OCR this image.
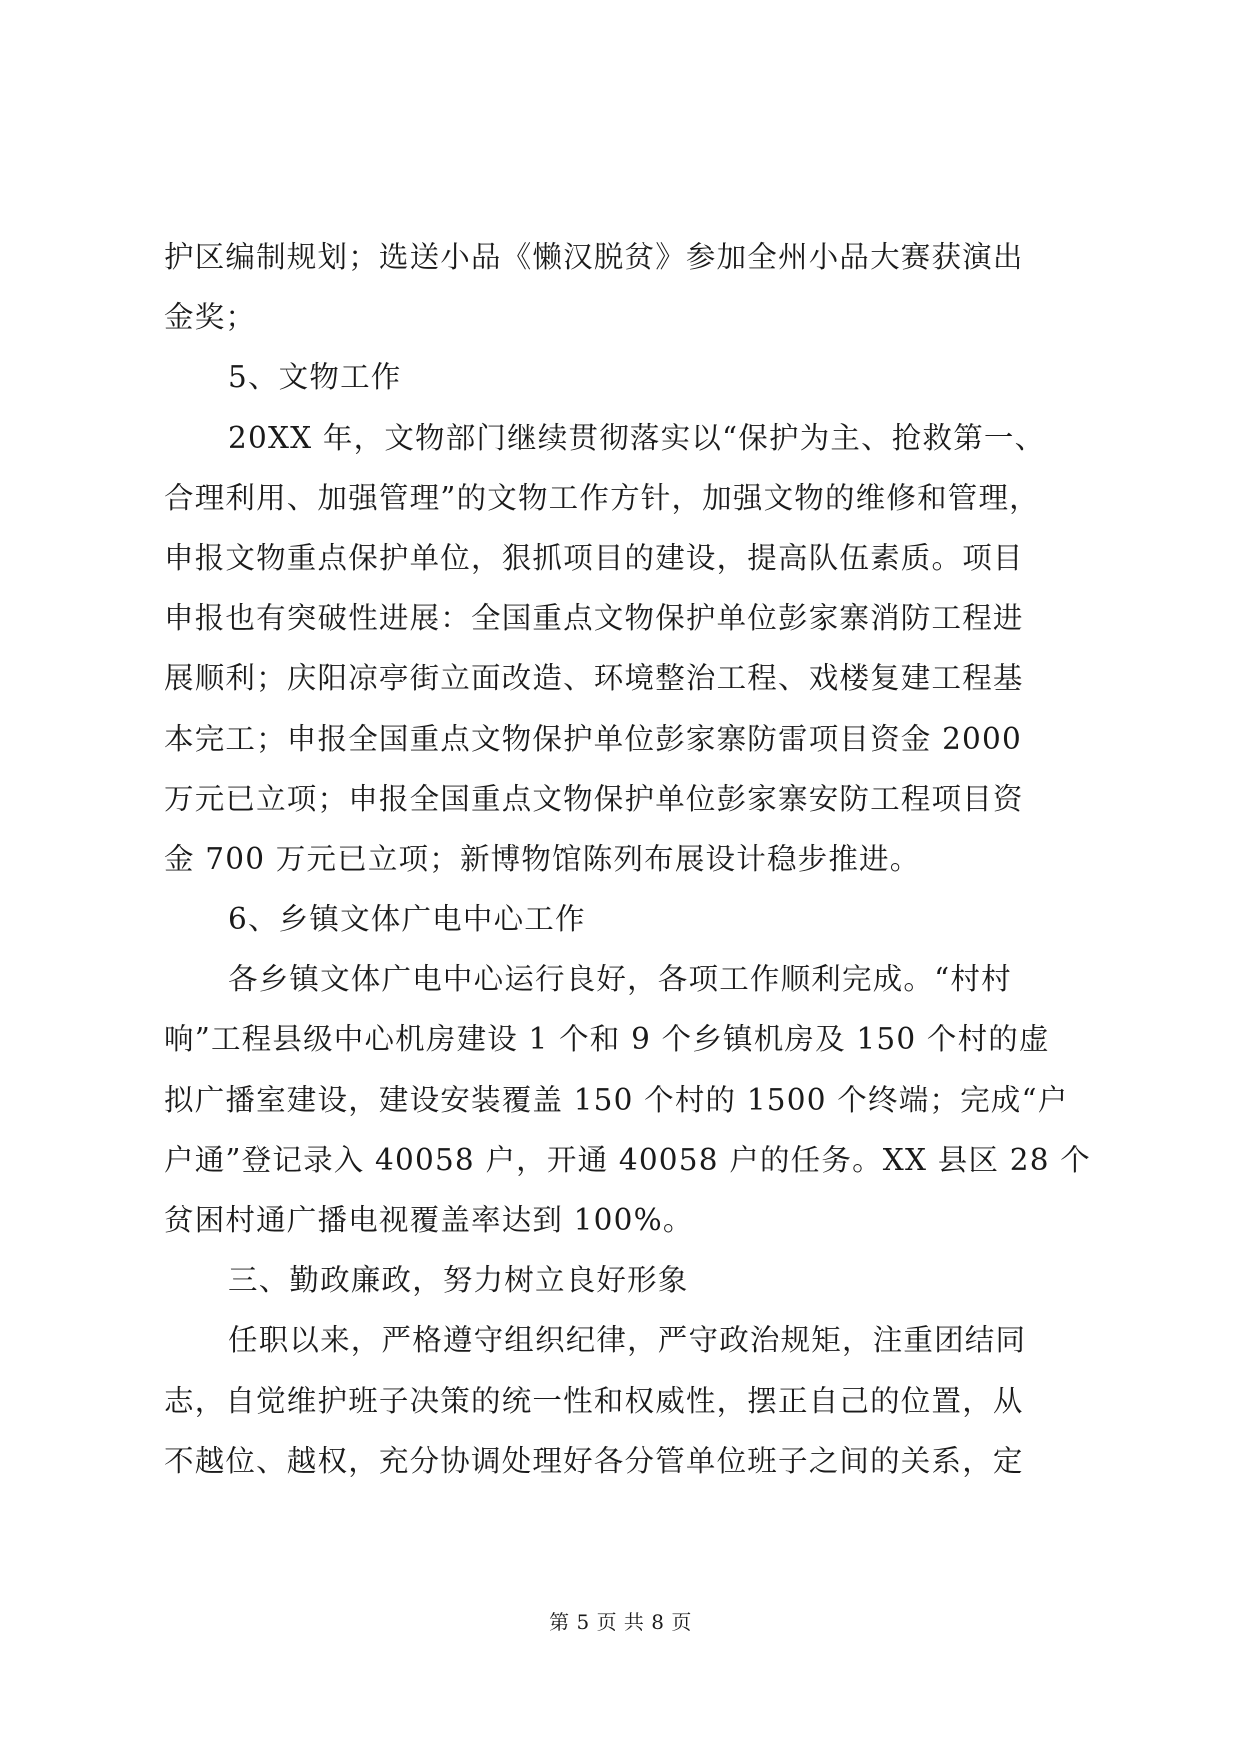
护区编制规划；选送小品《懒汉脱贫》参加全州小品大赛获演出
金奖；
5、文物工作
20XX 年，文物部门继续贯彻落实以“保护为主、抢救第一、
合理利用、加强管理”的文物工作方针，加强文物的维修和管理，
申报文物重点保护单位，狠抓项目的建设，提高队伍素质。项目
申报也有突破性进展：全国重点文物保护单位彭家寨消防工程进
展顺利；庆阳凉亭街立面改造、环境整治工程、戏楼复建工程基
本完工；申报全国重点文物保护单位彭家寨防雷项目资金 2000
万元已立项；申报全国重点文物保护单位彭家寨安防工程项目资
金 700 万元已立项；新博物馆陈列布展设计稳步推进。
6、乡镇文体广电中心工作
各乡镇文体广电中心运行良好，各项工作顺利完成。“村村
响”工程县级中心机房建设 1 个和 9 个乡镇机房及 150 个村的虚
拟广播室建设，建设安装覆盖 150 个村的 1500 个终端；完成“户
户通”登记录入 40058 户，开通 40058 户的任务。XX 县区 28 个
贫困村通广播电视覆盖率达到 100%。
三、勤政廉政，努力树立良好形象
任职以来，严格遵守组织纪律，严守政治规矩，注重团结同
志，自觉维护班子决策的统一性和权威性，摆正自己的位置，从
不越位、越权，充分协调处理好各分管单位班子之间的关系，定
第 5 页 共 8 页
